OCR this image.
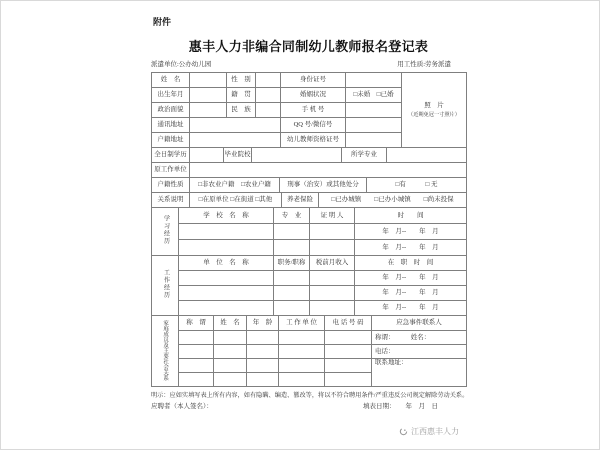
附件
惠丰人力非编合同制幼儿教师报名登记表
派遣单位:公办幼儿园	用工性质:劳务派遣
姓　名		性　别		身份证号		照　片
（近期免冠一寸照片）

出生年月		籍　贯		婚姻状况	□未婚　□已婚	
政治面貌		民　族		手 机 号		
通讯地址				QQ 号/微信号		
户籍地址				幼儿教师资格证号		
全日制学历		毕业院校		所学专业	
原工作单位	
户籍性质	□非农业户籍　□农业户籍	刑事（治安）或其他处分	□有　　　□ 无
关系说明	□在原单位 □在街道 □其他	养老保险	□已办城镇　　□已办小城镇　　□尚未投保
学习经历	学　校　名　称	专　业	证 明 人	时　　间
				年　月--　　年　月
				年　月--　　年　月
工作经历	单　位　名　称	职务/职称	税前月收入	在　职　时　间
				年　月--　　年　月
				年　月--　　年　月
				年　月--　　年　月
家庭成员及主要社会关系	称　谓	姓　名	年　龄	工 作 单 位	电 话 号 码	应急事件联系人
						称谓：　　　姓名：
						电话：
						联系地址：

明示：应如实填写表上所有内容，如有隐瞒、编造、篡改等，将以不符合聘用条件/严重违反公司规定解除劳动关系。
应聘者（本人签名）：	填表日期： 年　月　日
江西惠丰人力
